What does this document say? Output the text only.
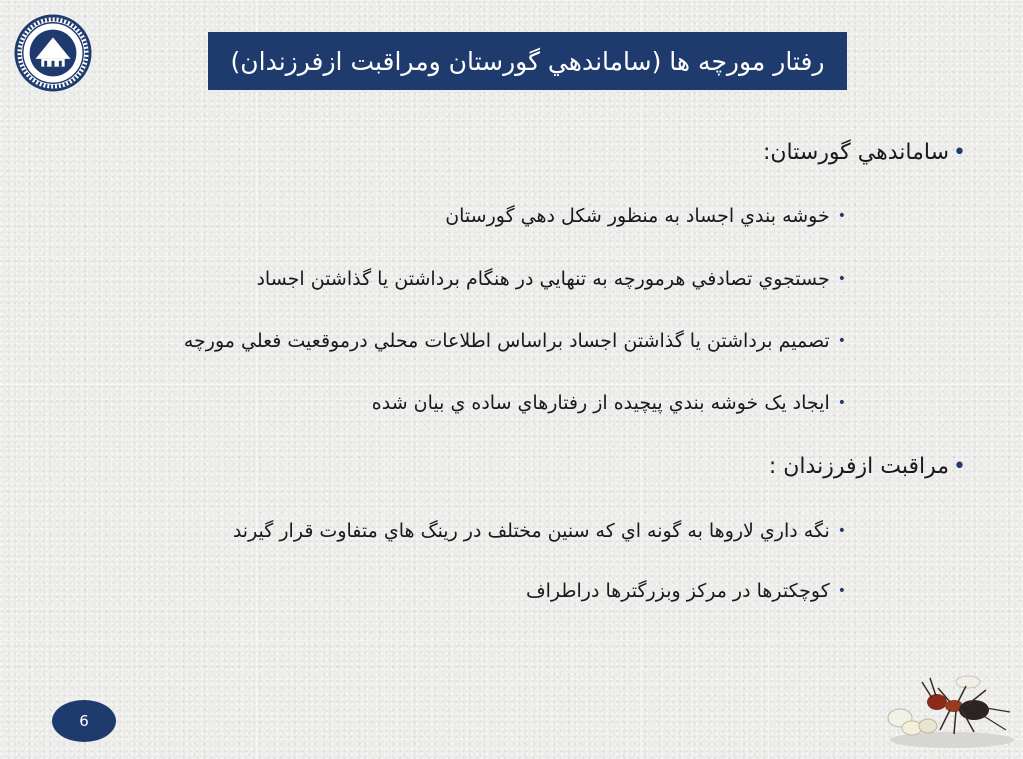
رفتار مورچه ها (ساماندهي گورستان ومراقبت ازفرزندان)
•
ساماندهي گورستان:
•
خوشه بندي اجساد به منظور شکل دهي گورستان
•
جستجوي تصادفي هرمورچه به تنهايي در هنگام برداشتن يا گذاشتن اجساد
•
تصميم برداشتن يا گذاشتن اجساد براساس اطلاعات محلي درموقعيت فعلي مورچه
•
ايجاد يک خوشه بندي پيچيده از رفتارهاي ساده ي بيان شده
•
مراقبت ازفرزندان :
•
نگه داري لاروها به گونه اي که سنين مختلف در رينگ هاي متفاوت قرار گيرند
•
کوچکترها در مرکز وبزرگترها دراطراف
6
